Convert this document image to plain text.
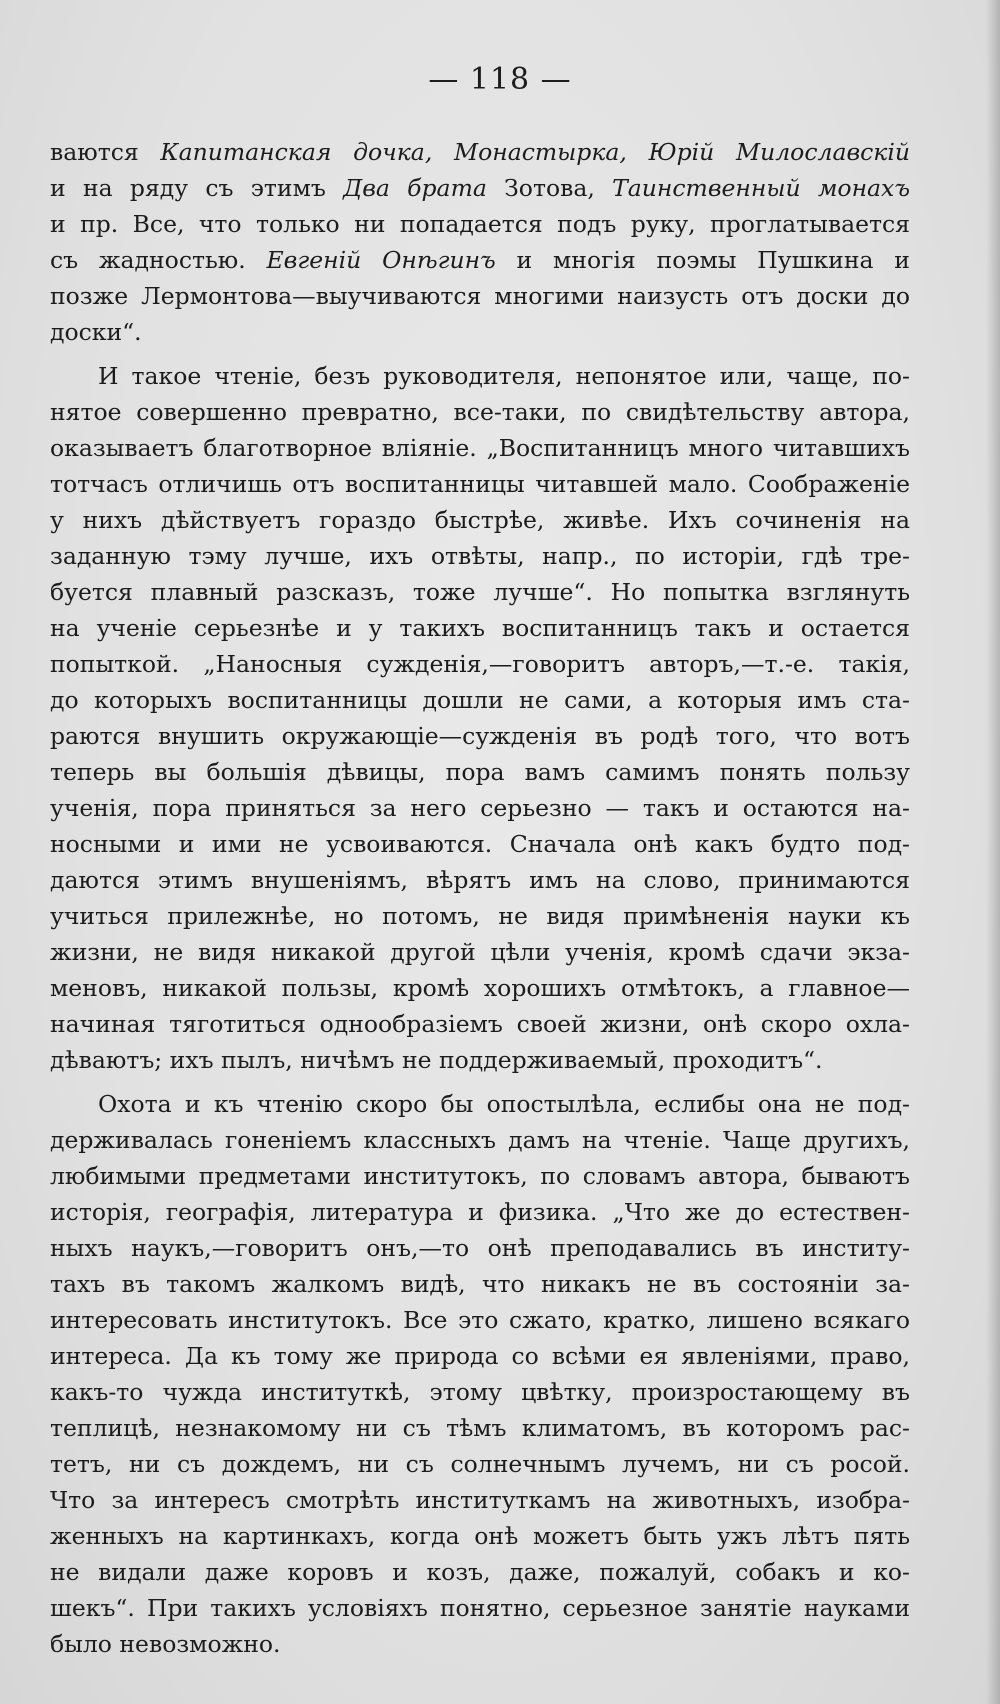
— 118 —

ваются Капитанская дочка, Монастырка, Юрій Милославскій
и на ряду съ этимъ Два брата Зотова, Таинственный монахъ
и пр. Все, что только ни попадается подъ руку, проглатывается
съ жадностью. Евгеній Онѣгинъ и многія поэмы Пушкина и
позже Лермонтова—выучиваются многими наизусть отъ доски до
доски“.

И такое чтеніе, безъ руководителя, непонятое или, чаще, по-
нятое совершенно превратно, все-таки, по свидѣтельству автора,
оказываетъ благотворное вліяніе. „Воспитанницъ много читавшихъ
тотчасъ отличишь отъ воспитанницы читавшей мало. Соображеніе
у нихъ дѣйствуетъ гораздо быстрѣе, живѣе. Ихъ сочиненія на
заданную тэму лучше, ихъ отвѣты, напр., по исторіи, гдѣ тре-
буется плавный разсказъ, тоже лучше“. Но попытка взглянуть
на ученіе серьезнѣе и у такихъ воспитанницъ такъ и остается
попыткой. „Наносныя сужденія,—говоритъ авторъ,—т.-е. такія,
до которыхъ воспитанницы дошли не сами, а которыя имъ ста-
раются внушить окружающіе—сужденія въ родѣ того, что вотъ
теперь вы большія дѣвицы, пора вамъ самимъ понять пользу
ученія, пора приняться за него серьезно — такъ и остаются на-
носными и ими не усвоиваются. Сначала онѣ какъ будто под-
даются этимъ внушеніямъ, вѣрятъ имъ на слово, принимаются
учиться прилежнѣе, но потомъ, не видя примѣненія науки къ
жизни, не видя никакой другой цѣли ученія, кромѣ сдачи экза-
меновъ, никакой пользы, кромѣ хорошихъ отмѣтокъ, а главное—
начиная тяготиться однообразіемъ своей жизни, онѣ скоро охла-
дѣваютъ; ихъ пылъ, ничѣмъ не поддерживаемый, проходитъ“.

Охота и къ чтенію скоро бы опостылѣла, еслибы она не под-
держивалась гоненіемъ классныхъ дамъ на чтеніе. Чаще другихъ,
любимыми предметами институтокъ, по словамъ автора, бываютъ
исторія, географія, литература и физика. „Что же до естествен-
ныхъ наукъ,—говоритъ онъ,—то онѣ преподавались въ институ-
тахъ въ такомъ жалкомъ видѣ, что никакъ не въ состояніи за-
интересовать институтокъ. Все это сжато, кратко, лишено всякаго
интереса. Да къ тому же природа со всѣми ея явленіями, право,
какъ-то чужда институткѣ, этому цвѣтку, произростающему въ
теплицѣ, незнакомому ни съ тѣмъ климатомъ, въ которомъ рас-
тетъ, ни съ дождемъ, ни съ солнечнымъ лучемъ, ни съ росой.
Что за интересъ смотрѣть институткамъ на животныхъ, изобра-
женныхъ на картинкахъ, когда онѣ можетъ быть ужъ лѣтъ пять
не видали даже коровъ и козъ, даже, пожалуй, собакъ и ко-
шекъ“. При такихъ условіяхъ понятно, серьезное занятіе науками
было невозможно.
